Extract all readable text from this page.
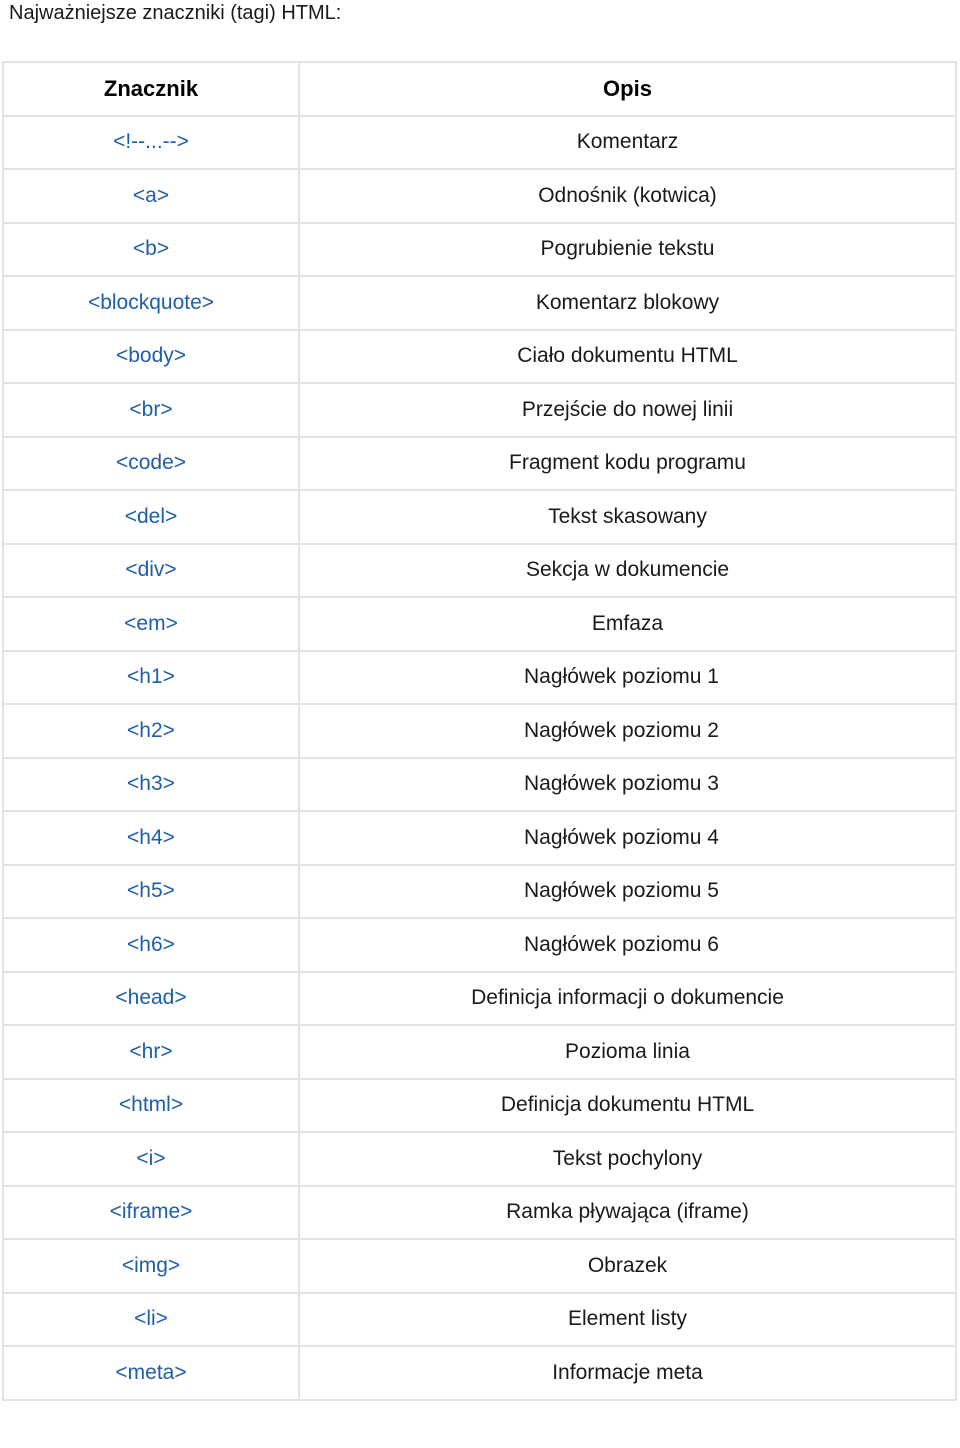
Najważniejsze znaczniki (tagi) HTML:
Znacznik	Opis
<!--...-->	Komentarz
<a>	Odnośnik (kotwica)
<b>	Pogrubienie tekstu
<blockquote>	Komentarz blokowy
<body>	Ciało dokumentu HTML
<br>	Przejście do nowej linii
<code>	Fragment kodu programu
<del>	Tekst skasowany
<div>	Sekcja w dokumencie
<em>	Emfaza
<h1>	Nagłówek poziomu 1
<h2>	Nagłówek poziomu 2
<h3>	Nagłówek poziomu 3
<h4>	Nagłówek poziomu 4
<h5>	Nagłówek poziomu 5
<h6>	Nagłówek poziomu 6
<head>	Definicja informacji o dokumencie
<hr>	Pozioma linia
<html>	Definicja dokumentu HTML
<i>	Tekst pochylony
<iframe>	Ramka pływająca (iframe)
<img>	Obrazek
<li>	Element listy
<meta>	Informacje meta
